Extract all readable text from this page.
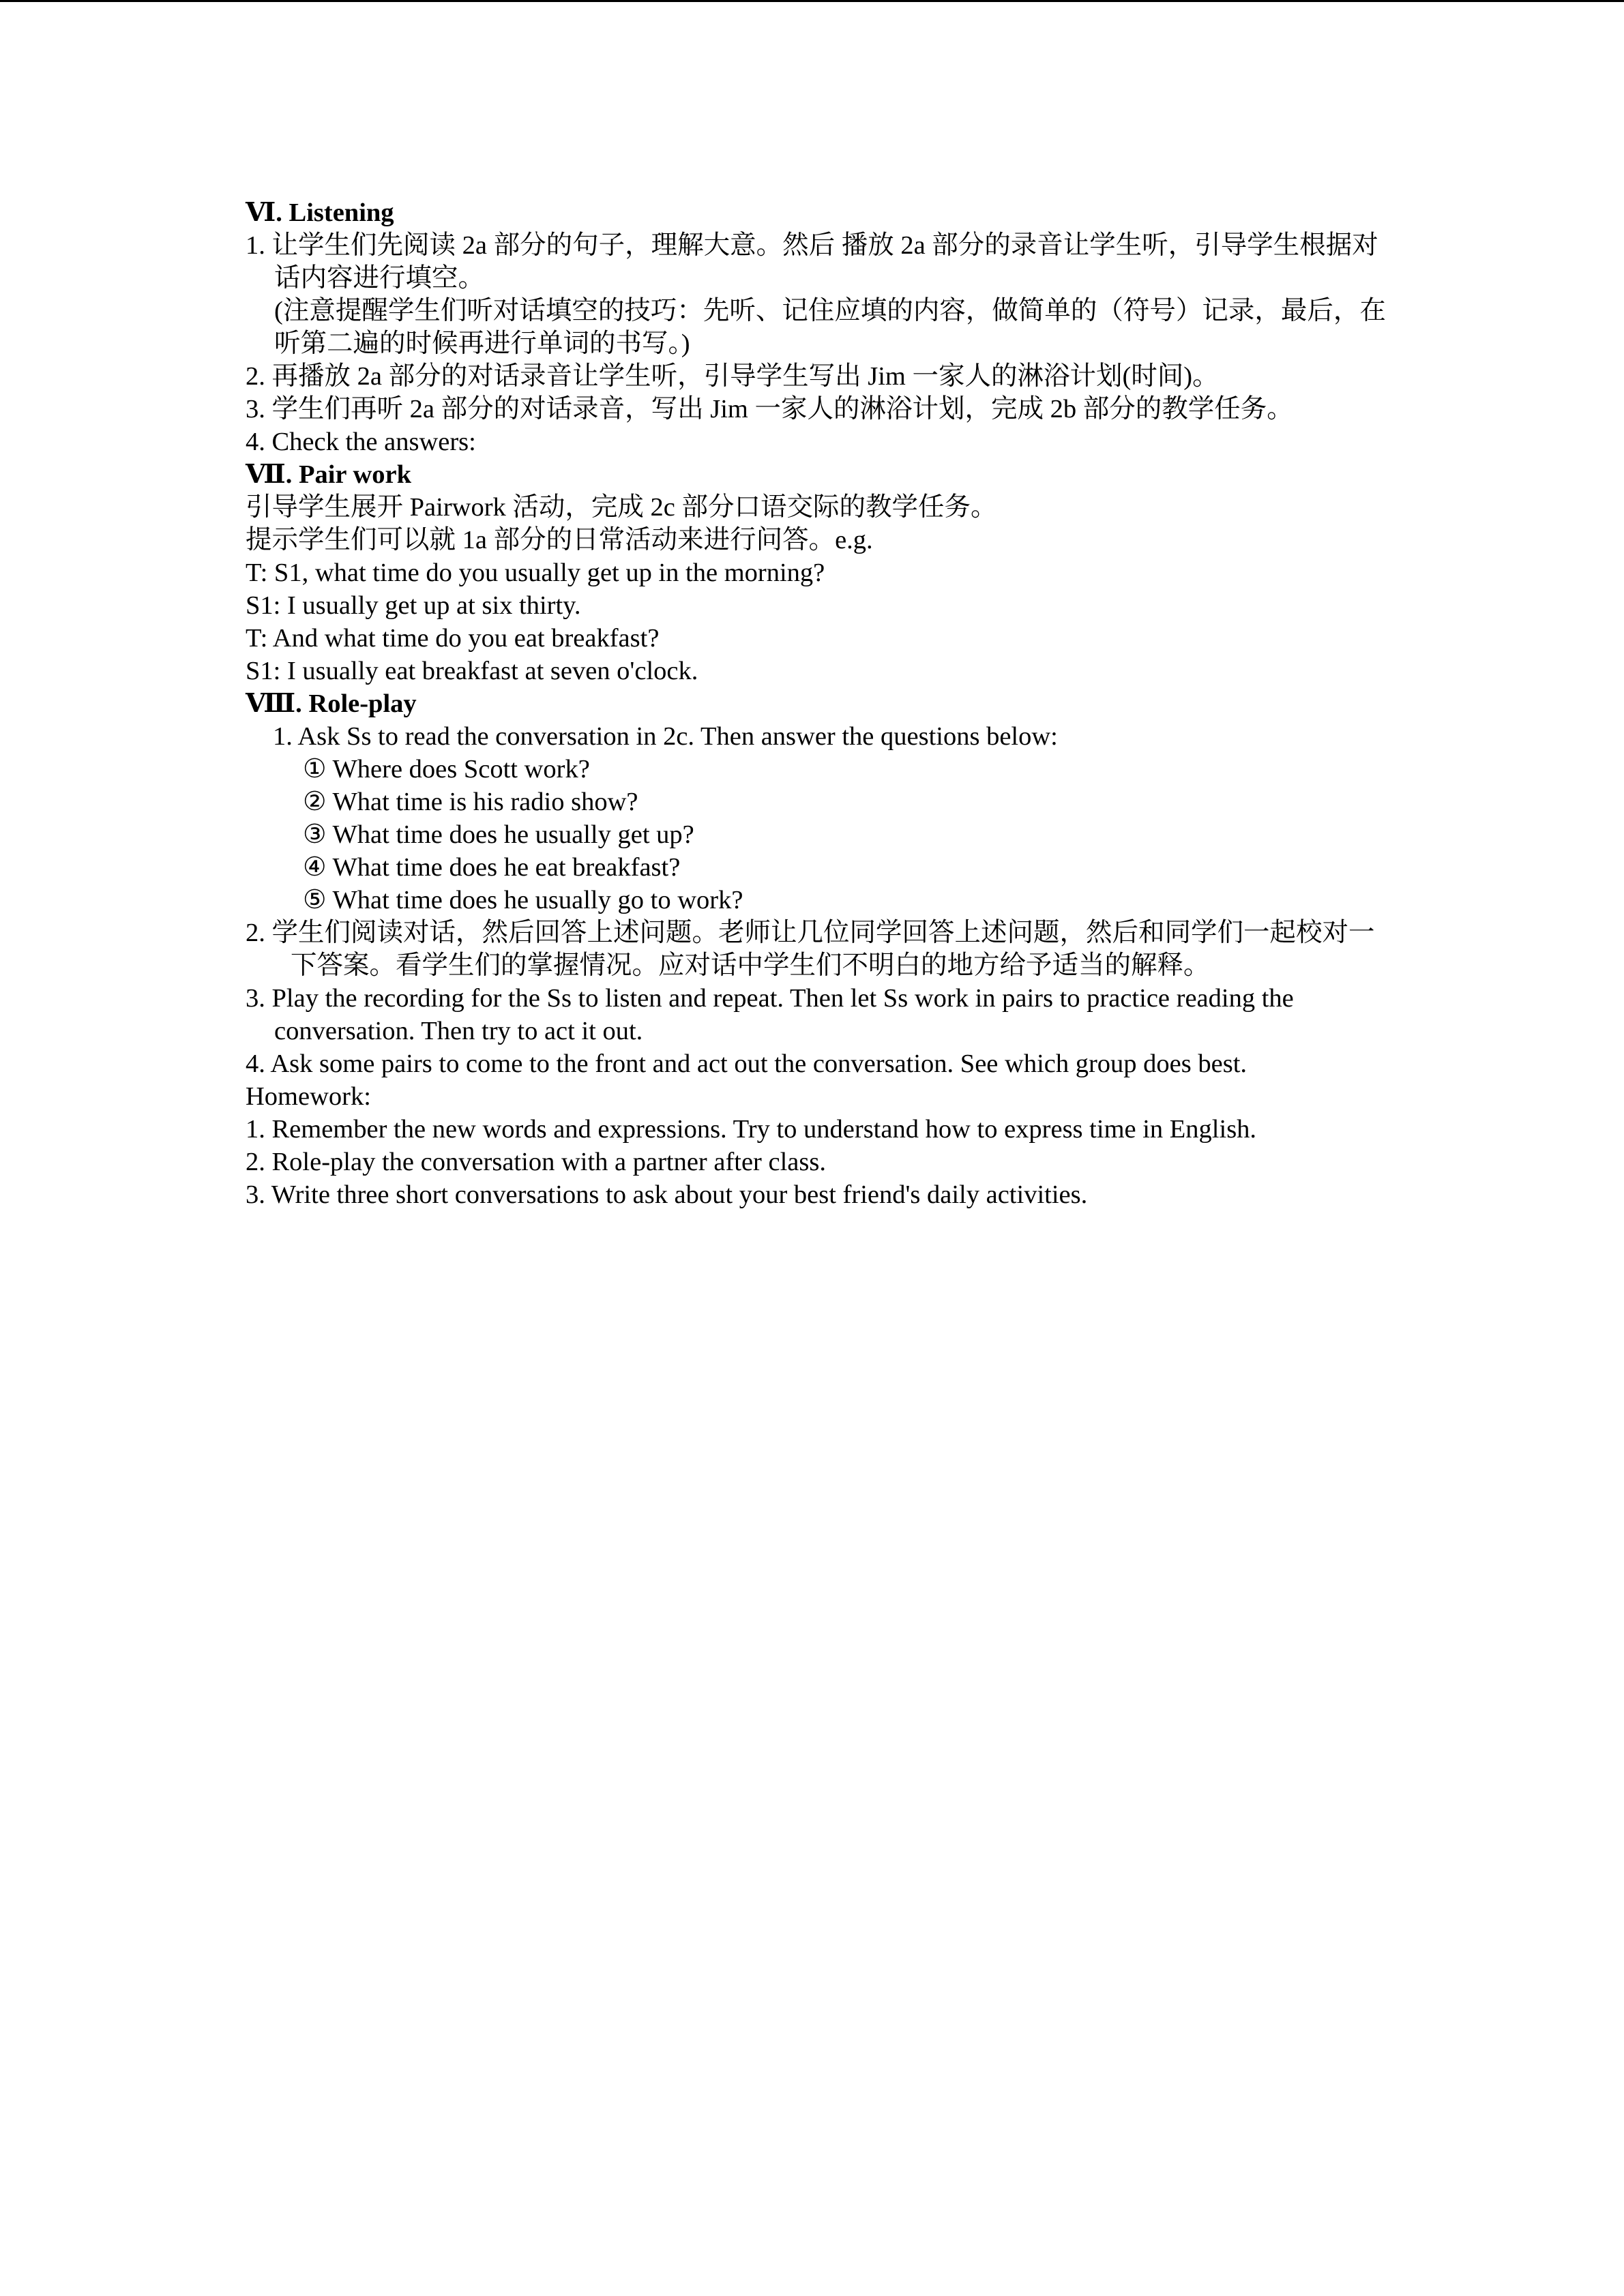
Ⅵ. Listening
1. 让学生们先阅读 2a 部分的句子，理解大意。然后 播放 2a 部分的录音让学生听，引导学生根据对话内容进行填空。
(注意提醒学生们听对话填空的技巧：先听、记住应填的内容，做简单的（符号）记录，最后，在听第二遍的时候再进行单词的书写。)
2. 再播放 2a 部分的对话录音让学生听，引导学生写出 Jim 一家人的淋浴计划(时间)。
3. 学生们再听 2a 部分的对话录音，写出 Jim 一家人的淋浴计划，完成 2b 部分的教学任务。
4. Check the answers:
Ⅶ. Pair work
引导学生展开 Pairwork 活动，完成 2c 部分口语交际的教学任务。
提示学生们可以就 1a 部分的日常活动来进行问答。e.g.
T: S1, what time do you usually get up in the morning?
S1: I usually get up at six thirty.
T: And what time do you eat breakfast?
S1: I usually eat breakfast at seven o'clock.
Ⅷ. Role-play
1. Ask Ss to read the conversation in 2c. Then answer the questions below:
① Where does Scott work?
② What time is his radio show?
③ What time does he usually get up?
④ What time does he eat breakfast?
⑤ What time does he usually go to work?
2. 学生们阅读对话，然后回答上述问题。老师让几位同学回答上述问题，然后和同学们一起校对一下答案。看学生们的掌握情况。应对话中学生们不明白的地方给予适当的解释。
3. Play the recording for the Ss to listen and repeat. Then let Ss work in pairs to practice reading the conversation. Then try to act it out.
4. Ask some pairs to come to the front and act out the conversation. See which group does best.
Homework:
1. Remember the new words and expressions. Try to understand how to express time in English.
2. Role-play the conversation with a partner after class.
3. Write three short conversations to ask about your best friend's daily activities.
